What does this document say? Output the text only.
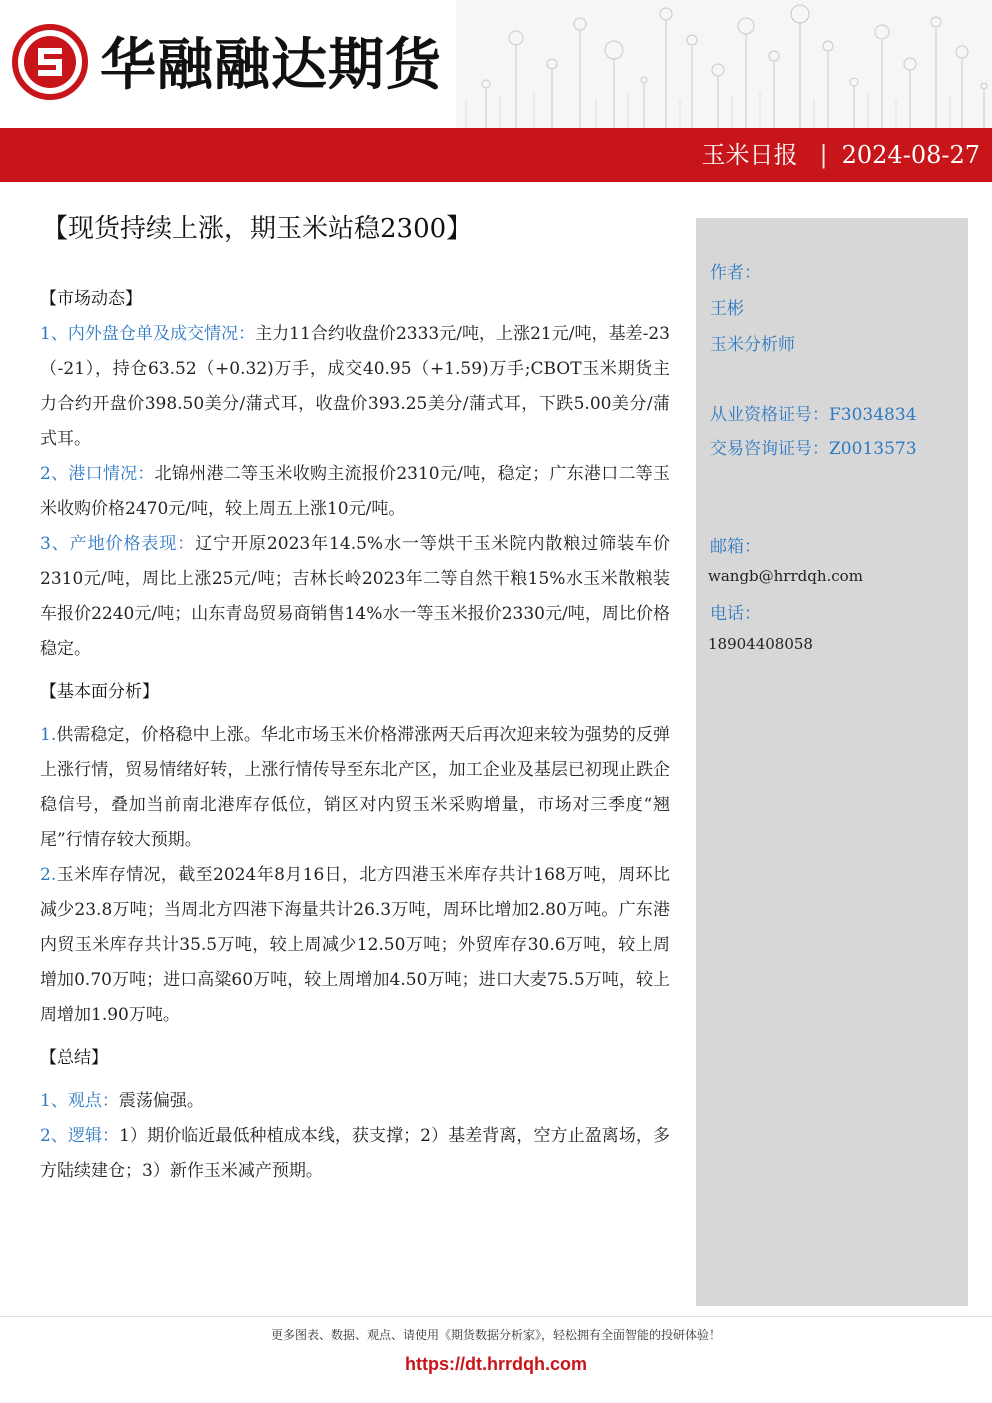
华融融达期货
玉米日报 | 2024-08-27
【现货持续上涨，期玉米站稳2300】

【市场动态】

1、内外盘仓单及成交情况：主力11合约收盘价2333元/吨，上涨21元/吨，基差-23（-21），持仓63.52（+0.32)万手，成交40.95（+1.59)万手;CBOT玉米期货主力合约开盘价398.50美分/蒲式耳，收盘价393.25美分/蒲式耳，下跌5.00美分/蒲式耳。

2、港口情况：北锦州港二等玉米收购主流报价2310元/吨，稳定；广东港口二等玉米收购价格2470元/吨，较上周五上涨10元/吨。

3、产地价格表现：辽宁开原2023年14.5%水一等烘干玉米院内散粮过筛装车价2310元/吨，周比上涨25元/吨；吉林长岭2023年二等自然干粮15%水玉米散粮装车报价2240元/吨；山东青岛贸易商销售14%水一等玉米报价2330元/吨，周比价格稳定。

【基本面分析】

1.供需稳定，价格稳中上涨。华北市场玉米价格滞涨两天后再次迎来较为强势的反弹上涨行情，贸易情绪好转，上涨行情传导至东北产区，加工企业及基层已初现止跌企稳信号，叠加当前南北港库存低位，销区对内贸玉米采购增量，市场对三季度“翘尾”行情存较大预期。

2.玉米库存情况，截至2024年8月16日，北方四港玉米库存共计168万吨，周环比减少23.8万吨；当周北方四港下海量共计26.3万吨，周环比增加2.80万吨。广东港内贸玉米库存共计35.5万吨，较上周减少12.50万吨；外贸库存30.6万吨，较上周增加0.70万吨；进口高粱60万吨，较上周增加4.50万吨；进口大麦75.5万吨，较上周增加1.90万吨。

【总结】

1、观点：震荡偏强。

2、逻辑：1）期价临近最低种植成本线，获支撑；2）基差背离，空方止盈离场，多方陆续建仓；3）新作玉米减产预期。

作者：
王彬
玉米分析师
从业资格证号：F3034834
交易咨询证号：Z0013573
邮箱：
wangb@hrrdqh.com
电话：
18904408058
更多图表、数据、观点、请使用《期货数据分析家》，轻松拥有全面智能的投研体验！
https://dt.hrrdqh.com
